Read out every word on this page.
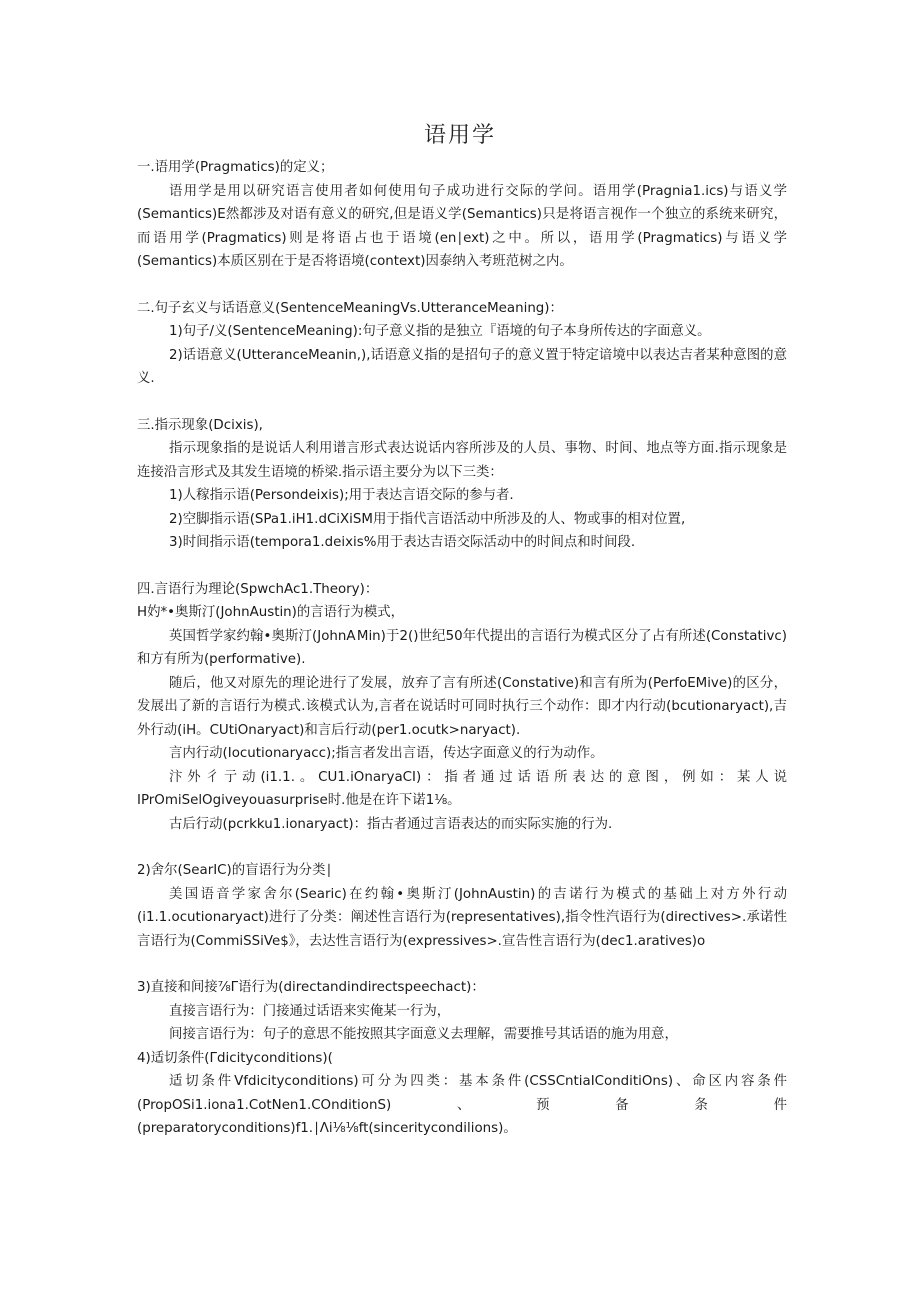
语用学

一.语用学(Pragmatics)的定义；

语用学是用以研究语言使用者如何使用句子成功进行交际的学问。语用学(Pragnia1.ics)与语义学(Semantics)E然都涉及对语有意义的研究,但是语义学(Semantics)只是将语言视作一个独立的系统来研究，而语用学(Pragmatics)则是将语占也于语境(en∣ext)之中。所以，语用学(Pragmatics)与语义学(Semantics)本质区别在于是否将语境(context)因泰纳入考班范树之内。

二.句子玄义与话语意义(SentenceMeaningVs.UtteranceMeaning)：

1)句子/义(SentenceMeaning):句子意义指的是独立『语境的句子本身所传达的字面意义。

2)话语意义(UtteranceMeanin,),话语意义指的是招句子的意义置于特定谙境中以表达吉者某种意图的意义.

三.指示现象(Dcixis),

指示现象指的是说话人利用谱言形式表达说话内容所涉及的人员、事物、时间、地点等方面.指示现象是连接沿言形式及其发生语境的桥梁.指示语主要分为以下三类：

1)人稼指示语(Persondeixis);用于表达言语交际的参与者.

2)空脚指示语(SPa1.iH1.dCiXiSM用于指代言语活动中所涉及的人、物或事的相对位置,

3)时间指示语(tempora1.deixis%用于表达吉语交际活动中的时间点和时间段.

四.言语行为理论(SpwchAc1.Theory)：

H妁*•奥斯汀(JohnAustin)的言语行为模式，

英国哲学家约翰•奥斯汀(JohnA Min)于2()世纪50年代提出的言语行为模式区分了占有所述(Constativc)和方有所为(performative).

随后，他又对原先的理论进行了发展，放弃了言有所述(Constative)和言有所为(PerfoEMive)的区分，发展出了新的言语行为模式.该模式认为,言者在说话时可同时执行三个动作：即才内行动(bcutionaryact),吉外行动(iH。CUtiOnaryact)和言后行动(per1.ocutk>naryact).

言内行动(Iocutionaryacc);指言者发出言语，传达字面意义的行为动作。

汴外彳亍动(i1.1.。CU1.iOnaryaCI)：指者通过话语所表达的意图，例如：某人说IPrOmiSelOgiveyouasurprise时.他是在许下诺1⅛。

古后行动(pcrkku1.ionaryact)：指古者通过言语表达的而实际实施的行为.

2)舍尔(SearIC)的盲语行为分类∣

美国语音学家舍尔(Searic)在约翰•奥斯汀(JohnAustin)的吉诺行为模式的基础上对方外行动(i1.1.ocutionaryact)进行了分类：阐述性言语行为(representatives),指令性汽语行为(directives>.承诺性言语行为(CommiSSiVe$》，去达性言语行为(expressives>.宣告性言语行为(dec1.aratives)o

3)直接和间接⅞Γ语行为(directandindirectspeechact)：

直接言语行为：门接通过话语来实俺某一行为，

间接言语行为：句子的意思不能按照其字面意义去理解，需要推号其话语的施为用意，

4)适切条件(Γdicityconditions)(

适切条件Vfdicityconditions)可分为四类：基本条件(CSSCntiaIConditiOns)、命区内容条件(PropOSi1.iona1.CotNen1.COnditionS)、预备条件(preparatoryconditions)f1.∣Λi⅛⅛ft(sinceritycondilions)。
